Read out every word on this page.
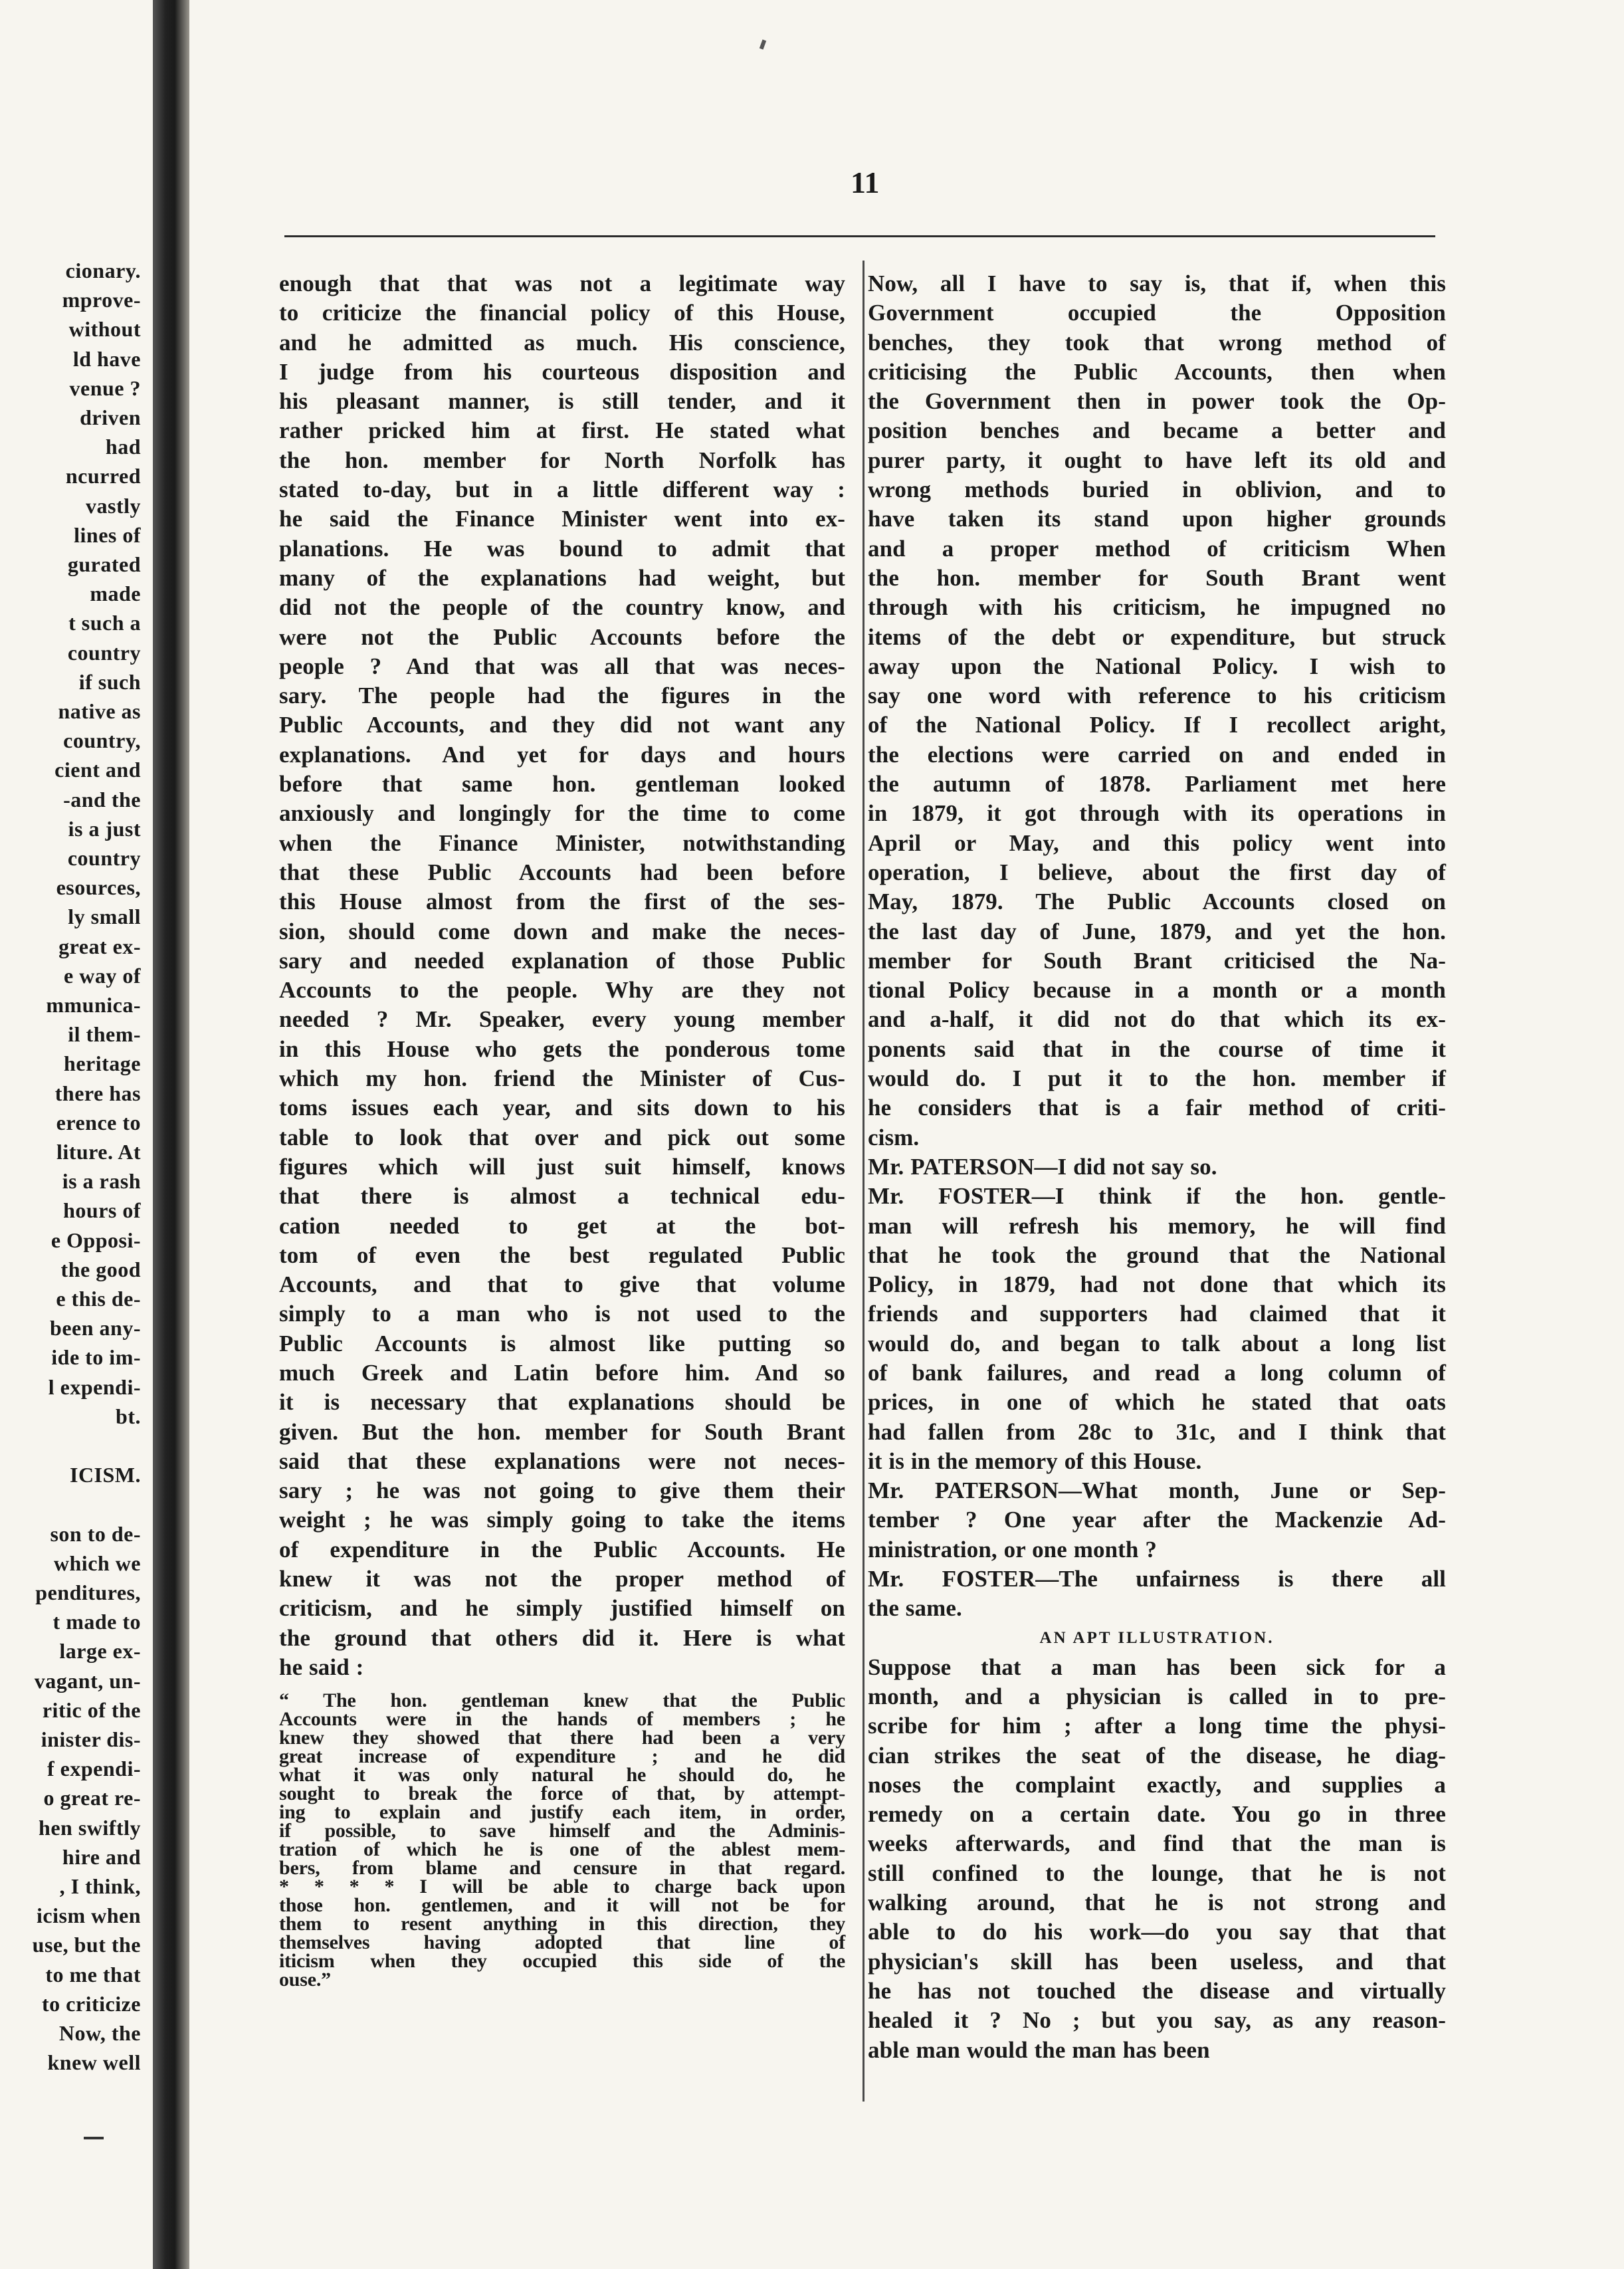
cionary.
mprove-
without
ld have
venue ?
driven
had
ncurred
vastly
lines of
gurated
made
t such a
country
if such
native as
country,
cient and
-and the
is a just
country
esources,
ly small
great ex-
e way of
mmunica-
il them-
heritage
there has
erence to
liture. At
is a rash
hours of
e Opposi-
the good
e this de-
been any-
ide to im-
l expendi-
bt.
ICISM.
son to de-
which we
penditures,
t made to
large ex-
vagant, un-
ritic of the
inister dis-
f expendi-
o great re-
hen swiftly
hire and
, I think,
icism when
use, but the
to me that
to criticize
Now, the
knew well
11
enough that that was not a legitimate way
to criticize the financial policy of this House,
and he admitted as much. His conscience,
I judge from his courteous disposition and
his pleasant manner, is still tender, and it
rather pricked him at first. He stated what
the hon. member for North Norfolk has
stated to-day, but in a little different way :
he said the Finance Minister went into ex-
planations. He was bound to admit that
many of the explanations had weight, but
did not the people of the country know, and
were not the Public Accounts before the
people ? And that was all that was neces-
sary. The people had the figures in the
Public Accounts, and they did not want any
explanations. And yet for days and hours
before that same hon. gentleman looked
anxiously and longingly for the time to come
when the Finance Minister, notwithstanding
that these Public Accounts had been before
this House almost from the first of the ses-
sion, should come down and make the neces-
sary and needed explanation of those Public
Accounts to the people. Why are they not
needed ? Mr. Speaker, every young member
in this House who gets the ponderous tome
which my hon. friend the Minister of Cus-
toms issues each year, and sits down to his
table to look that over and pick out some
figures which will just suit himself, knows
that there is almost a technical edu-
cation needed to get at the bot-
tom of even the best regulated Public
Accounts, and that to give that volume
simply to a man who is not used to the
Public Accounts is almost like putting so
much Greek and Latin before him. And so
it is necessary that explanations should be
given. But the hon. member for South Brant
said that these explanations were not neces-
sary ; he was not going to give them their
weight ; he was simply going to take the items
of expenditure in the Public Accounts. He
knew it was not the proper method of
criticism, and he simply justified himself on
the ground that others did it. Here is what
he said :
“ The hon. gentleman knew that the Public
Accounts were in the hands of members ; he
knew they showed that there had been a very
great increase of expenditure ; and he did
what it was only natural he should do, he
sought to break the force of that, by attempt-
ing to explain and justify each item, in order,
if possible, to save himself and the Adminis-
tration of which he is one of the ablest mem-
bers, from blame and censure in that regard.
* * * * I will be able to charge back upon
those hon. gentlemen, and it will not be for
them to resent anything in this direction, they
themselves having adopted that line of
iticism when they occupied this side of the
ouse.”
Now, all I have to say is, that if, when this
Government occupied the Opposition
benches, they took that wrong method of
criticising the Public Accounts, then when
the Government then in power took the Op-
position benches and became a better and
purer party, it ought to have left its old and
wrong methods buried in oblivion, and to
have taken its stand upon higher grounds
and a proper method of criticism When
the hon. member for South Brant went
through with his criticism, he impugned no
items of the debt or expenditure, but struck
away upon the National Policy. I wish to
say one word with reference to his criticism
of the National Policy. If I recollect aright,
the elections were carried on and ended in
the autumn of 1878. Parliament met here
in 1879, it got through with its operations in
April or May, and this policy went into
operation, I believe, about the first day of
May, 1879. The Public Accounts closed on
the last day of June, 1879, and yet the hon.
member for South Brant criticised the Na-
tional Policy because in a month or a month
and a-half, it did not do that which its ex-
ponents said that in the course of time it
would do. I put it to the hon. member if
he considers that is a fair method of criti-
cism.
Mr. PATERSON—I did not say so.
Mr. FOSTER—I think if the hon. gentle-
man will refresh his memory, he will find
that he took the ground that the National
Policy, in 1879, had not done that which its
friends and supporters had claimed that it
would do, and began to talk about a long list
of bank failures, and read a long column of
prices, in one of which he stated that oats
had fallen from 28c to 31c, and I think that
it is in the memory of this House.
Mr. PATERSON—What month, June or Sep-
tember ? One year after the Mackenzie Ad-
ministration, or one month ?
Mr. FOSTER—The unfairness is there all
the same.
AN APT ILLUSTRATION.
Suppose that a man has been sick for a
month, and a physician is called in to pre-
scribe for him ; after a long time the physi-
cian strikes the seat of the disease, he diag-
noses the complaint exactly, and supplies a
remedy on a certain date. You go in three
weeks afterwards, and find that the man is
still confined to the lounge, that he is not
walking around, that he is not strong and
able to do his work—do you say that that
physician's skill has been useless, and that
he has not touched the disease and virtually
healed it ? No ; but you say, as any reason-
able man would the man has been
